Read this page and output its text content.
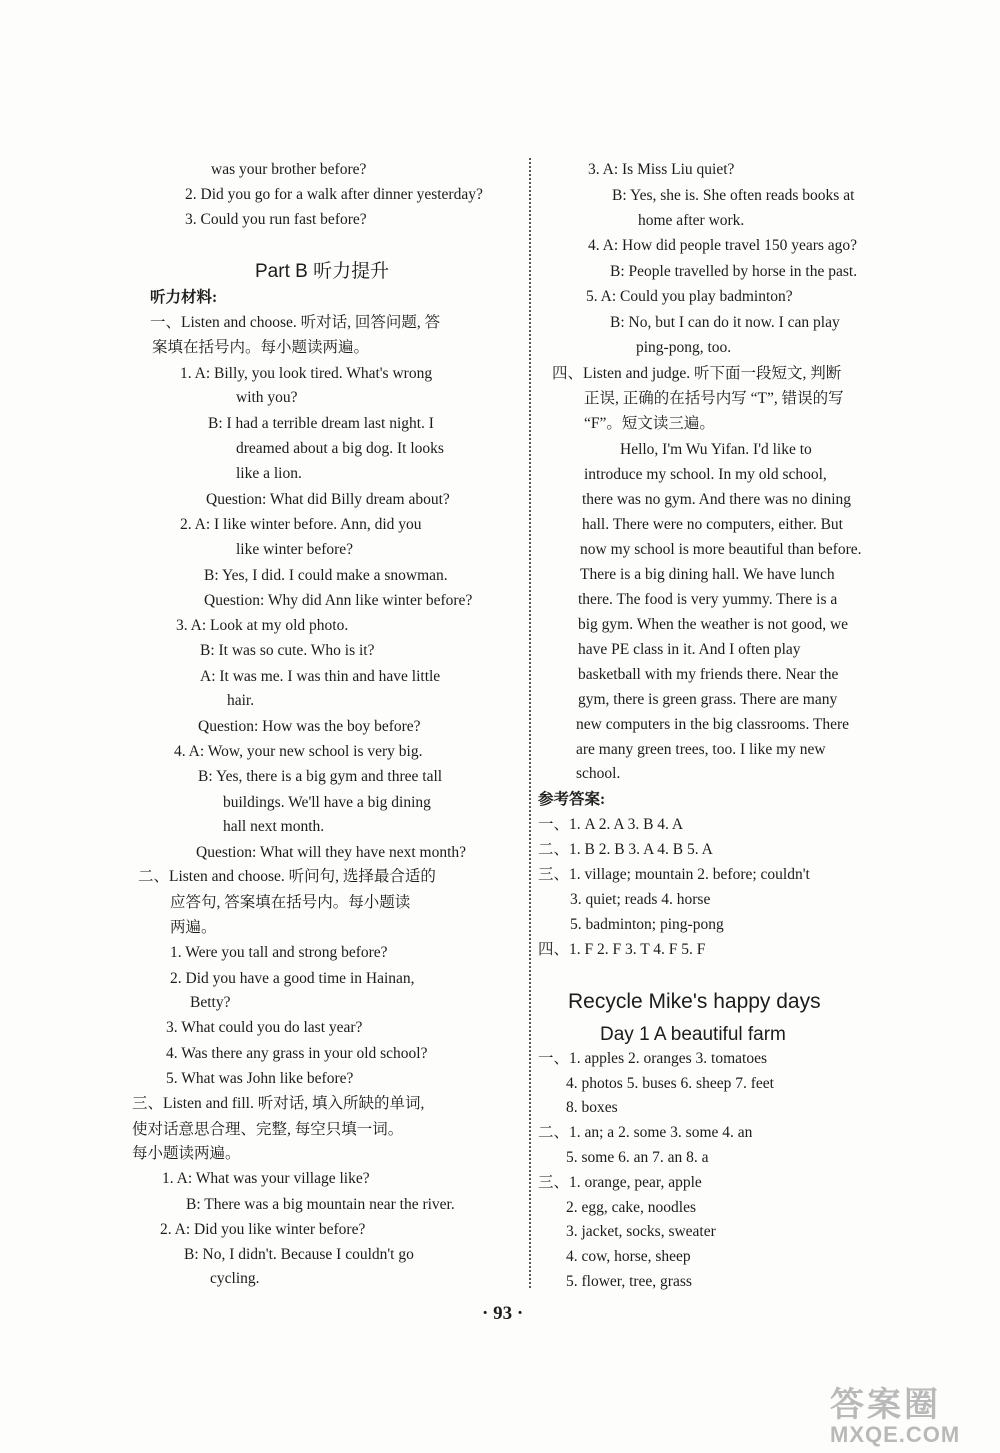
was your brother before?
2. Did you go for a walk after dinner yesterday?
3. Could you run fast before?
Part B 听力提升
听力材料:
一、Listen and choose. 听对话, 回答问题, 答
案填在括号内。每小题读两遍。
1. A: Billy, you look tired. What's wrong
with you?
B: I had a terrible dream last night. I
dreamed about a big dog. It looks
like a lion.
Question: What did Billy dream about?
2. A: I like winter before. Ann, did you
like winter before?
B: Yes, I did. I could make a snowman.
Question: Why did Ann like winter before?
3. A: Look at my old photo.
B: It was so cute. Who is it?
A: It was me. I was thin and have little
hair.
Question: How was the boy before?
4. A: Wow, your new school is very big.
B: Yes, there is a big gym and three tall
buildings. We'll have a big dining
hall next month.
Question: What will they have next month?
二、Listen and choose. 听问句, 选择最合适的
应答句, 答案填在括号内。每小题读
两遍。
1. Were you tall and strong before?
2. Did you have a good time in Hainan,
Betty?
3. What could you do last year?
4. Was there any grass in your old school?
5. What was John like before?
三、Listen and fill. 听对话, 填入所缺的单词,
使对话意思合理、完整, 每空只填一词。
每小题读两遍。
1. A: What was your village like?
B: There was a big mountain near the river.
2. A: Did you like winter before?
B: No, I didn't. Because I couldn't go
cycling.
3. A: Is Miss Liu quiet?
B: Yes, she is. She often reads books at
home after work.
4. A: How did people travel 150 years ago?
B: People travelled by horse in the past.
5. A: Could you play badminton?
B: No, but I can do it now. I can play
ping-pong, too.
四、Listen and judge. 听下面一段短文, 判断
正误, 正确的在括号内写 “T”, 错误的写
“F”。短文读三遍。
Hello, I'm Wu Yifan. I'd like to
introduce my school. In my old school,
there was no gym. And there was no dining
hall. There were no computers, either. But
now my school is more beautiful than before.
There is a big dining hall. We have lunch
there. The food is very yummy. There is a
big gym. When the weather is not good, we
have PE class in it. And I often play
basketball with my friends there. Near the
gym, there is green grass. There are many
new computers in the big classrooms. There
are many green trees, too. I like my new
school.
参考答案:
一、1. A 2. A 3. B 4. A
二、1. B 2. B 3. A 4. B 5. A
三、1. village; mountain 2. before; couldn't
3. quiet; reads 4. horse
5. badminton; ping-pong
四、1. F 2. F 3. T 4. F 5. F
Recycle Mike's happy days
Day 1 A beautiful farm
一、1. apples 2. oranges 3. tomatoes
4. photos 5. buses 6. sheep 7. feet
8. boxes
二、1. an; a 2. some 3. some 4. an
5. some 6. an 7. an 8. a
三、1. orange, pear, apple
2. egg, cake, noodles
3. jacket, socks, sweater
4. cow, horse, sheep
5. flower, tree, grass
· 93 ·
答案圈
MXQE.COM
